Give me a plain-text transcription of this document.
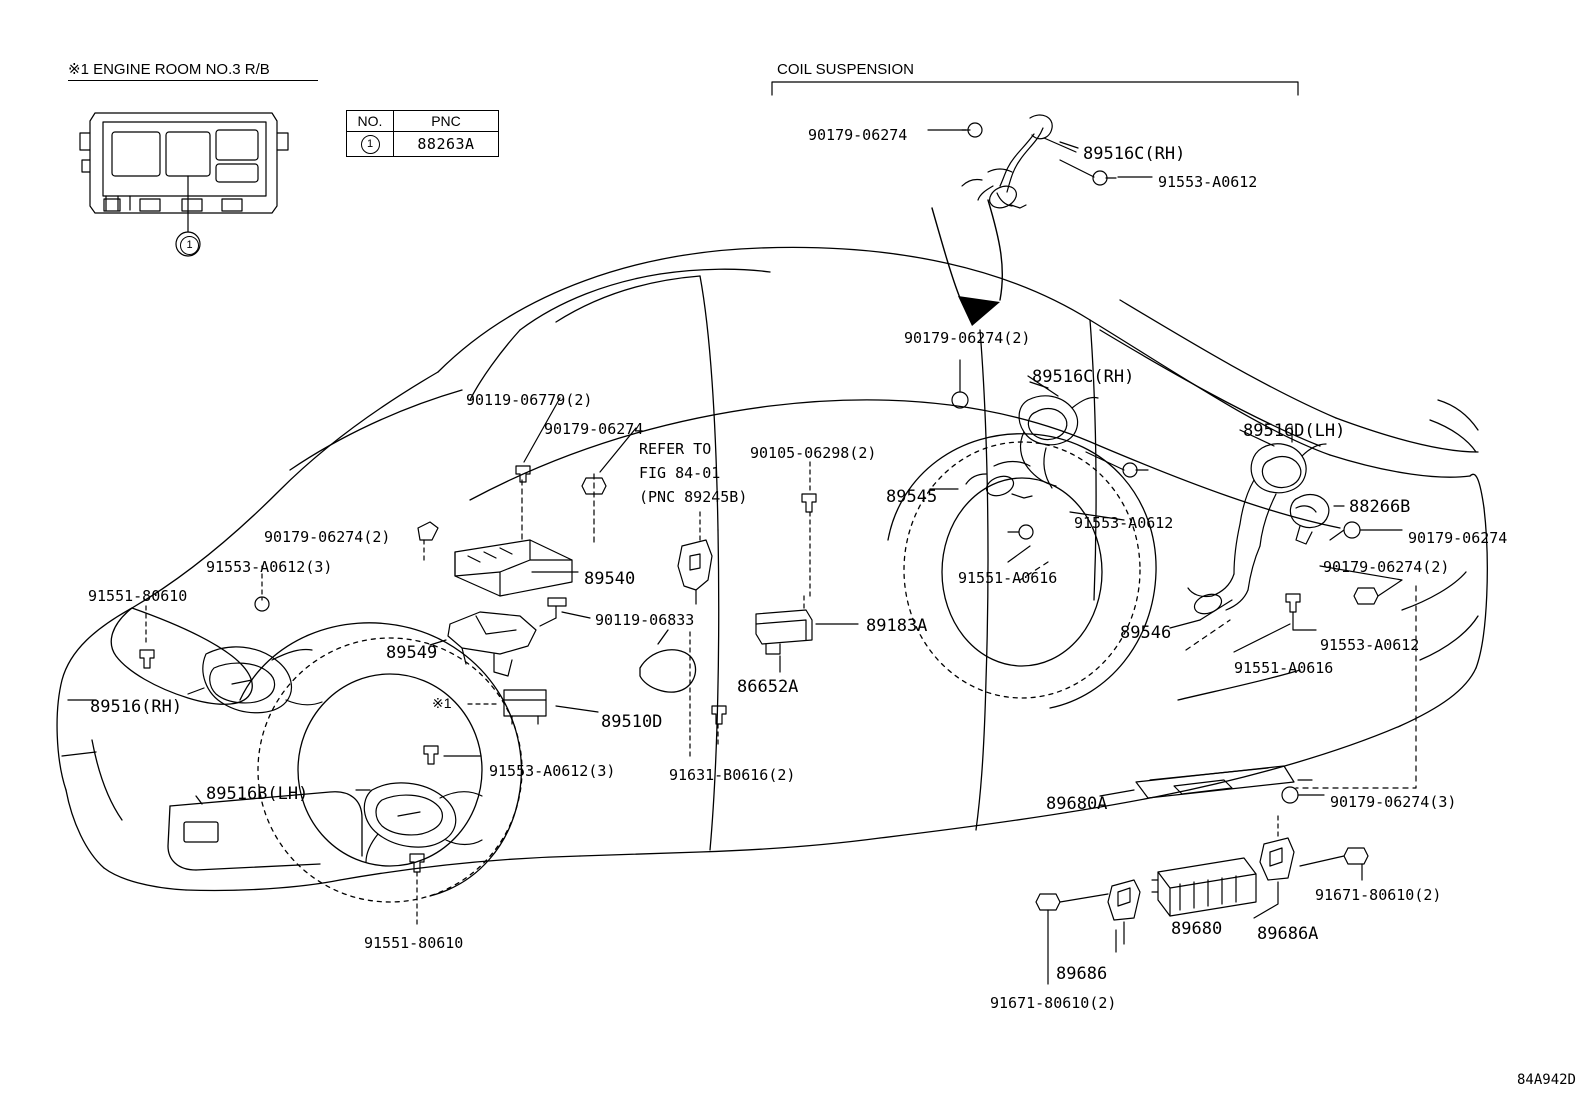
※1 ENGINE ROOM NO.3 R/B	COIL SUSPENSION
NO.	PNC
1	88263A
1
※1
REFER TO
FIG 84-01
(PNC 89245B)
90179-06274
89516C(RH)
91553-A0612
90179-06274(2)
89516C(RH)
89516D(LH)
88266B
90179-06274
90179-06274(2)
89545
91553-A0612
91551-A0616
89546
91553-A0612
91551-A0616
90119-06779(2)
90179-06274
90105-06298(2)
90179-06274(2)
91553-A0612(3)
91551-80610
89540
90119-06833
89549
89183A
86652A
89516(RH)
89510D
91553-A0612(3)	91631-B0616(2)
89516B(LH)
91551-80610
89680A	90179-06274(3)
91671-80610(2)
89686A
89680
89686
91671-80610(2)
84A942D
